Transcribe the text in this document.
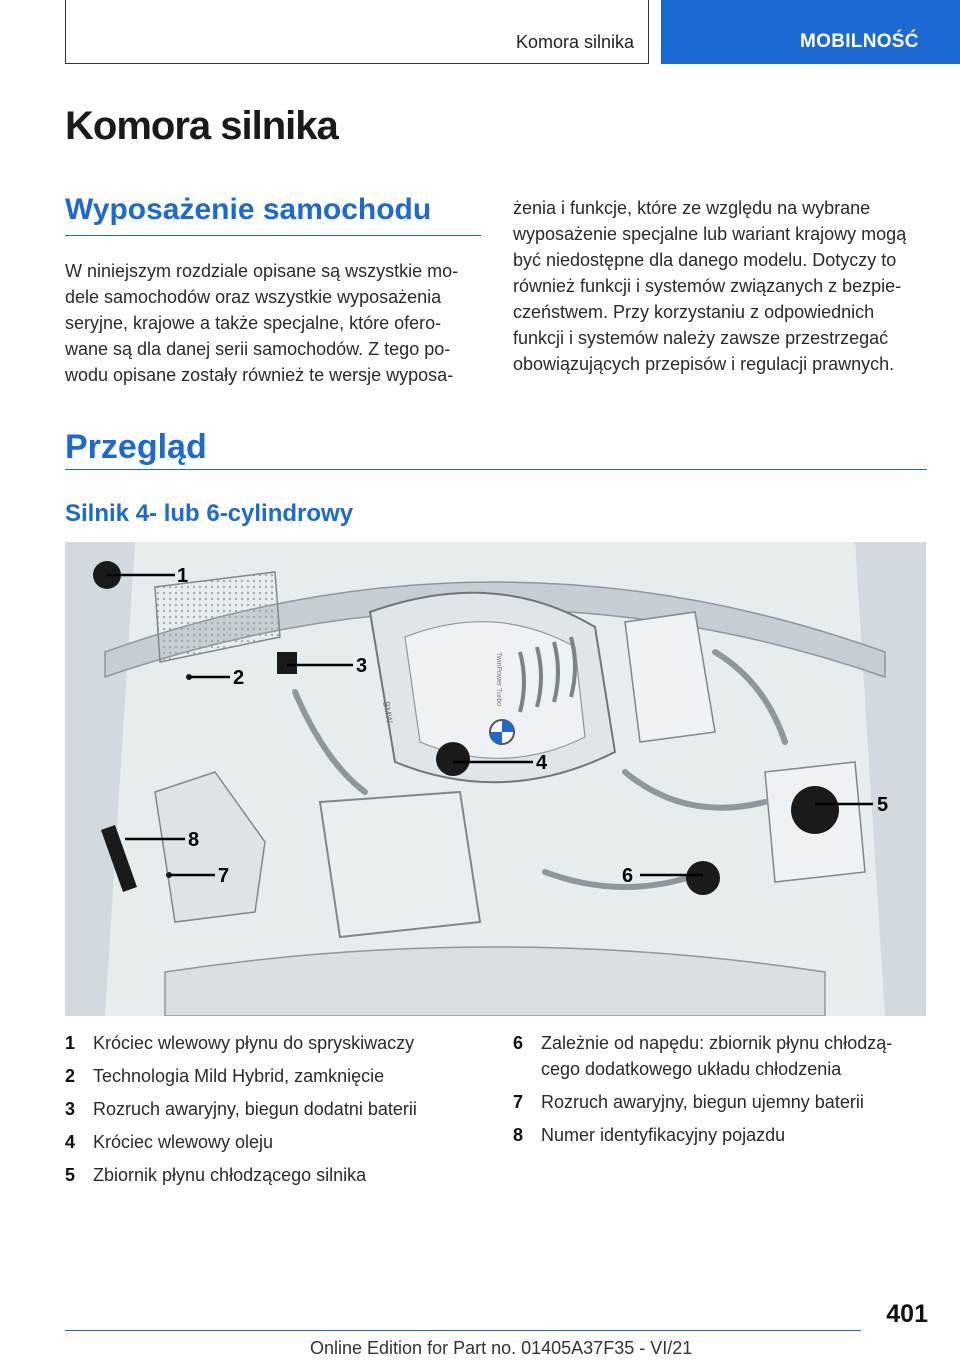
Komora silnika	MOBILNOŚĆ
Komora silnika
Wyposażenie samochodu

W niniejszym rozdziale opisane są wszystkie mo‐
dele samochodów oraz wszystkie wyposażenia
seryjne, krajowe a także specjalne, które ofero‐
wane są dla danej serii samochodów. Z tego po‐
wodu opisane zostały również te wersje wyposa‐

żenia i funkcje, które ze względu na wybrane
wyposażenie specjalne lub wariant krajowy mogą
być niedostępne dla danego modelu. Dotyczy to
również funkcji i systemów związanych z bezpie‐
czeństwem. Przy korzystaniu z odpowiednich
funkcji i systemów należy zawsze przestrzegać
obowiązujących przepisów i regulacji prawnych.

Przegląd
Silnik 4- lub 6-cylindrowy
1
2
3
4
5
6
7
8
BMW
TwinPower Turbo
1 Króciec wlewowy płynu do spryskiwaczy
2 Technologia Mild Hybrid, zamknięcie
3 Rozruch awaryjny, biegun dodatni baterii
4 Króciec wlewowy oleju
5 Zbiornik płynu chłodzącego silnika
6 Zależnie od napędu: zbiornik płynu chłodzą‐
cego dodatkowego układu chłodzenia
7 Rozruch awaryjny, biegun ujemny baterii
8 Numer identyfikacyjny pojazdu
401
Online Edition for Part no. 01405A37F35 - VI/21
